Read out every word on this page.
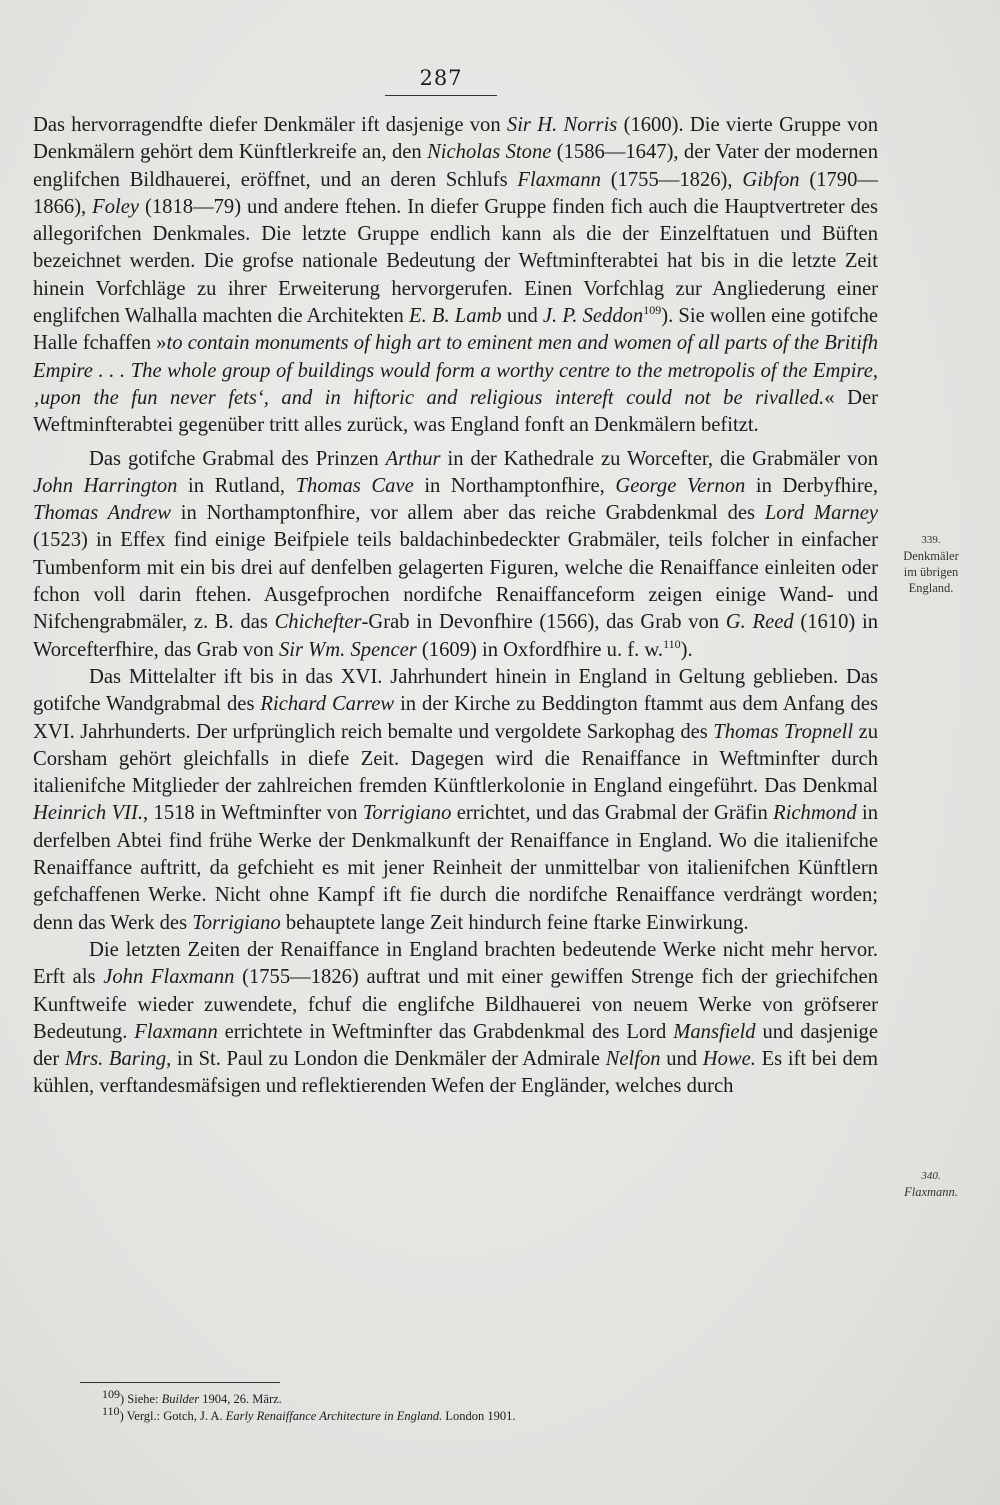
287

Das hervorragendfte diefer Denkmäler ift dasjenige von Sir H. Norris (1600). Die vierte Gruppe von Denkmälern gehört dem Künftlerkreife an, den Nicholas Stone (1586—1647), der Vater der modernen englifchen Bildhauerei, eröffnet, und an deren Schlufs Flaxmann (1755—1826), Gibfon (1790—1866), Foley (1818—79) und andere ftehen. In diefer Gruppe finden fich auch die Hauptvertreter des allegorifchen Denkmales. Die letzte Gruppe endlich kann als die der Einzelftatuen und Büften bezeichnet werden. Die grofse nationale Bedeutung der Weftminfterabtei hat bis in die letzte Zeit hinein Vorfchläge zu ihrer Erweiterung hervorgerufen. Einen Vorfchlag zur Angliederung einer englifchen Walhalla machten die Architekten E. B. Lamb und J. P. Seddon$^{109}$). Sie wollen eine gotifche Halle fchaffen »to contain monuments of high art to eminent men and women of all parts of the Britifh Empire . . . The whole group of buildings would form a worthy centre to the metropolis of the Empire, ‚upon the fun never fets‘, and in hiftoric and religious intereft could not be rivalled.« Der Weftminfterabtei gegenüber tritt alles zurück, was England fonft an Denkmälern befitzt.

Das gotifche Grabmal des Prinzen Arthur in der Kathedrale zu Worcefter, die Grabmäler von John Harrington in Rutland, Thomas Cave in Northamptonfhire, George Vernon in Derbyfhire, Thomas Andrew in Northamptonfhire, vor allem aber das reiche Grabdenkmal des Lord Marney (1523) in Effex find einige Beifpiele teils baldachinbedeckter Grabmäler, teils folcher in einfacher Tumbenform mit ein bis drei auf denfelben gelagerten Figuren, welche die Renaiffance einleiten oder fchon voll darin ftehen. Ausgefprochen nordifche Renaiffanceform zeigen einige Wand- und Nifchengrabmäler, z. B. das Chichefter-Grab in Devonfhire (1566), das Grab von G. Reed (1610) in Worcefterfhire, das Grab von Sir Wm. Spencer (1609) in Oxfordfhire u. f. w.$^{110}$).

Das Mittelalter ift bis in das XVI. Jahrhundert hinein in England in Geltung geblieben. Das gotifche Wandgrabmal des Richard Carrew in der Kirche zu Beddington ftammt aus dem Anfang des XVI. Jahrhunderts. Der urfprünglich reich bemalte und vergoldete Sarkophag des Thomas Tropnell zu Corsham gehört gleichfalls in diefe Zeit. Dagegen wird die Renaiffance in Weftminfter durch italienifche Mitglieder der zahlreichen fremden Künftlerkolonie in England eingeführt. Das Denkmal Heinrich VII., 1518 in Weftminfter von Torrigiano errichtet, und das Grabmal der Gräfin Richmond in derfelben Abtei find frühe Werke der Denkmalkunft der Renaiffance in England. Wo die italienifche Renaiffance auftritt, da gefchieht es mit jener Reinheit der unmittelbar von italienifchen Künftlern gefchaffenen Werke. Nicht ohne Kampf ift fie durch die nordifche Renaiffance verdrängt worden; denn das Werk des Torrigiano behauptete lange Zeit hindurch feine ftarke Einwirkung.

Die letzten Zeiten der Renaiffance in England brachten bedeutende Werke nicht mehr hervor. Erft als John Flaxmann (1755—1826) auftrat und mit einer gewiffen Strenge fich der griechifchen Kunftweife wieder zuwendete, fchuf die englifche Bildhauerei von neuem Werke von gröfserer Bedeutung. Flaxmann errichtete in Weftminfter das Grabdenkmal des Lord Mansfield und dasjenige der Mrs. Baring, in St. Paul zu London die Denkmäler der Admirale Nelfon und Howe. Es ift bei dem kühlen, verftandesmäfsigen und reflektierenden Wefen der Engländer, welches durch

339.
Denkmäler
im übrigen
England.
340.
Flaxmann.
$^{109}$) Siehe: Builder 1904, 26. März.
$^{110}$) Vergl.: Gotch, J. A. Early Renaiffance Architecture in England. London 1901.
